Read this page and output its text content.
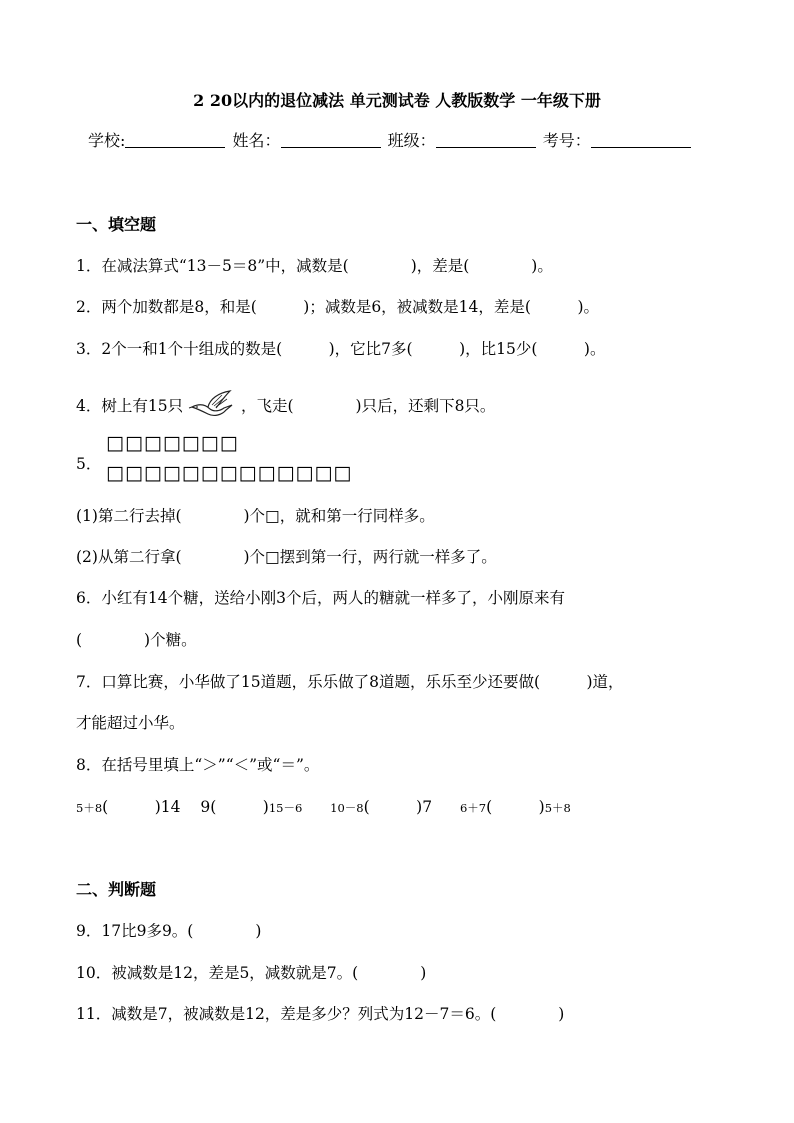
2 20以内的退位减法 单元测试卷 人教版数学 一年级下册
学校:	姓名：	班级：	考号：
一、填空题
1．在减法算式“13－5＝8”中，减数是(　　　　)，差是(　　　　)。
2．两个加数都是8，和是(　　　)；减数是6，被减数是14，差是(　　　)。
3．2个一和1个十组成的数是(　　　)，它比7多(　　　)，比15少(　　　)。
4．树上有15只	，飞走(　　　　)只后，还剩下8只。
5．
□□□□□□□
□□□□□□□□□□□□□
(1)第二行去掉(　　　　)个□，就和第一行同样多。
(2)从第二行拿(　　　　)个□摆到第一行，两行就一样多了。
6．小红有14个糖，送给小刚3个后，两人的糖就一样多了，小刚原来有
(　　　　)个糖。
7．口算比赛，小华做了15道题，乐乐做了8道题，乐乐至少还要做(　　　)道，
才能超过小华。
8．在括号里填上“＞”“＜”或“＝”。
5＋8(　　　)14 9(　　　)15－6 10－8(　　　)7 6＋7(　　　)5＋8
二、判断题
9．17比9多9。(　　　　)
10．被减数是12，差是5，减数就是7。(　　　　)
11．减数是7，被减数是12，差是多少？列式为12－7＝6。(　　　　)
